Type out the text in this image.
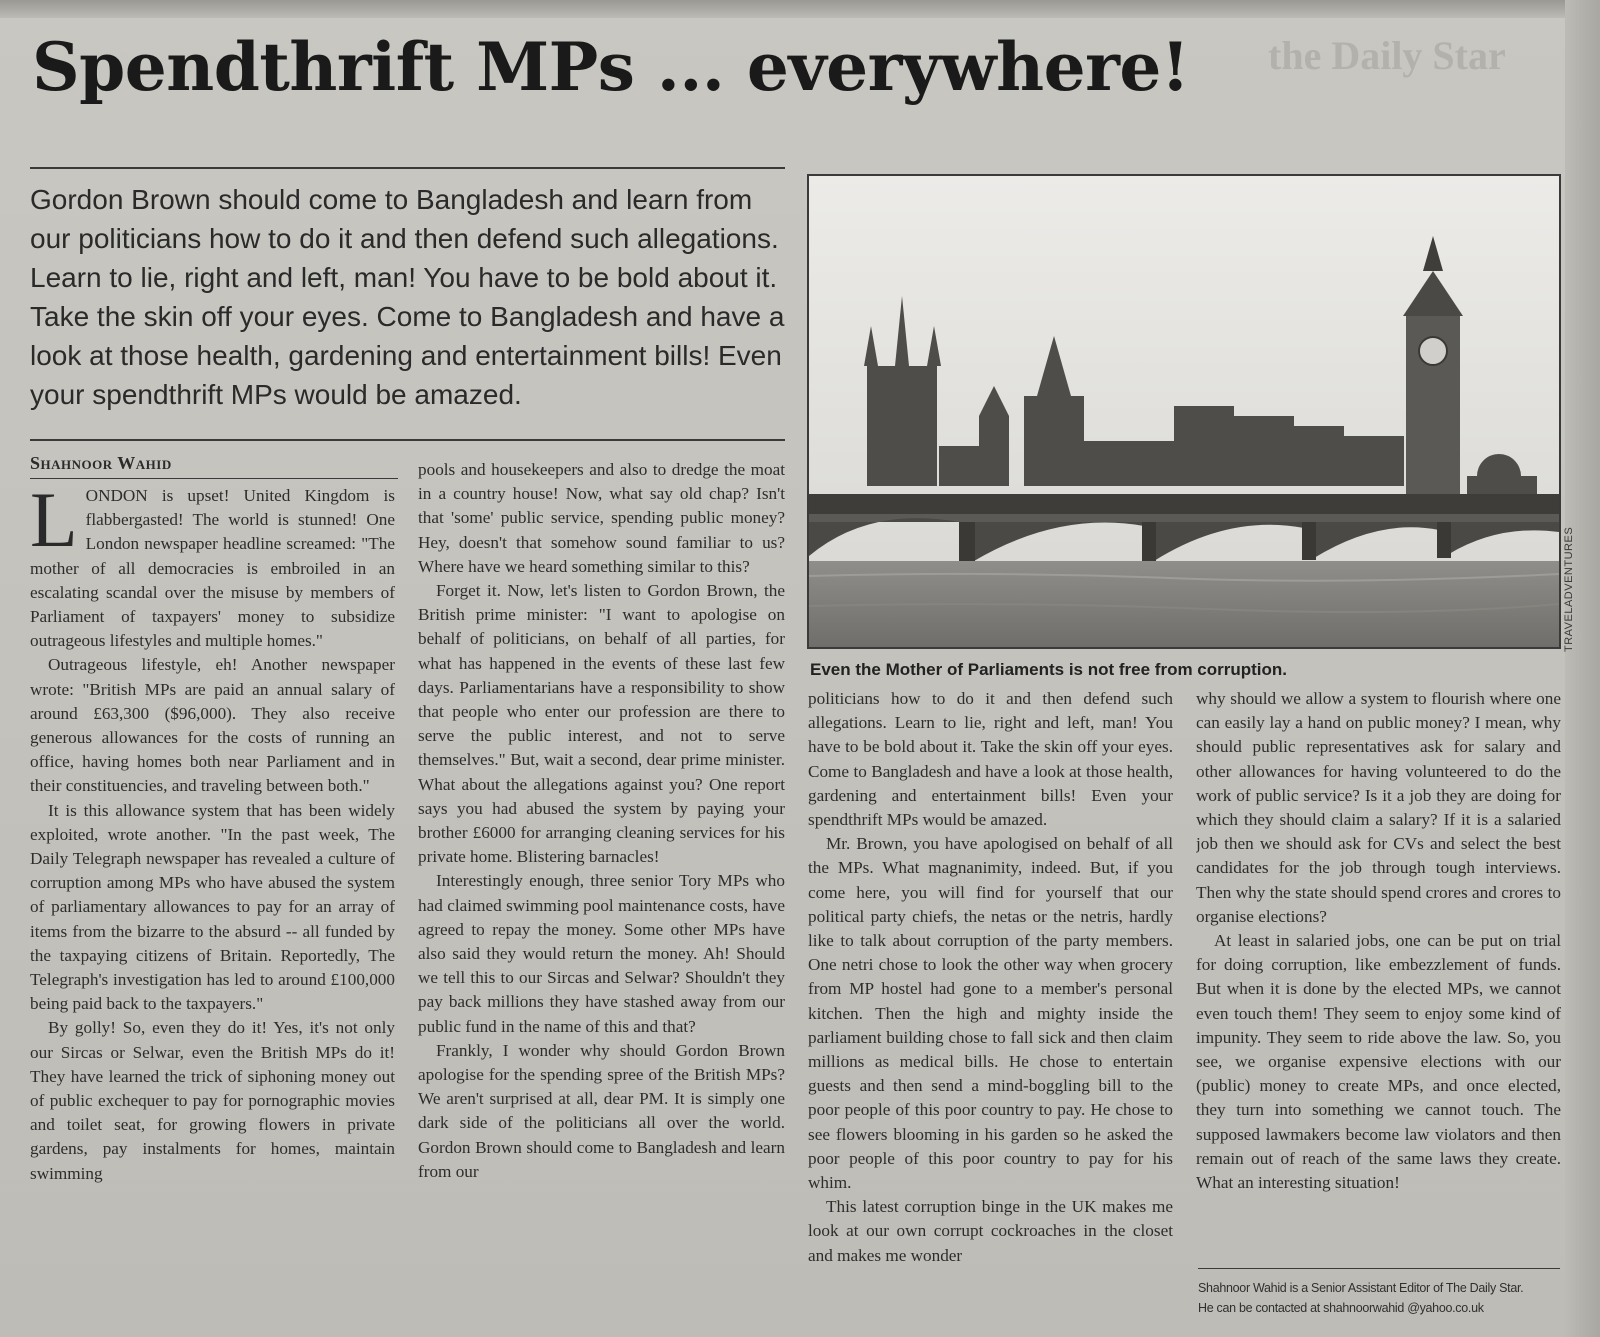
the Daily Star
Spendthrift MPs ... everywhere!

Gordon Brown should come to Bangladesh and learn from our politicians how to do it and then defend such allegations. Learn to lie, right and left, man! You have to be bold about it. Take the skin off your eyes. Come to Bangladesh and have a look at those health, gardening and entertainment bills! Even your spendthrift MPs would be amazed.

Shahnoor Wahid

LONDON is upset! United Kingdom is flabbergasted! The world is stunned! One London newspaper headline screamed: "The mother of all democracies is embroiled in an escalating scandal over the misuse by members of Parliament of taxpayers' money to subsidize outrageous lifestyles and multiple homes."

Outrageous lifestyle, eh! Another newspaper wrote: "British MPs are paid an annual salary of around £63,300 ($96,000). They also receive generous allowances for the costs of running an office, having homes both near Parliament and in their constituencies, and traveling between both."

It is this allowance system that has been widely exploited, wrote another. "In the past week, The Daily Telegraph newspaper has revealed a culture of corruption among MPs who have abused the system of parliamentary allowances to pay for an array of items from the bizarre to the absurd -- all funded by the taxpaying citizens of Britain. Reportedly, The Telegraph's investigation has led to around £100,000 being paid back to the taxpayers."

By golly! So, even they do it! Yes, it's not only our Sircas or Selwar, even the British MPs do it! They have learned the trick of siphoning money out of public exchequer to pay for pornographic movies and toilet seat, for growing flowers in private gardens, pay instalments for homes, maintain swimming

pools and housekeepers and also to dredge the moat in a country house! Now, what say old chap? Isn't that 'some' public service, spending public money? Hey, doesn't that somehow sound familiar to us? Where have we heard something similar to this?

Forget it. Now, let's listen to Gordon Brown, the British prime minister: "I want to apologise on behalf of politicians, on behalf of all parties, for what has happened in the events of these last few days. Parliamentarians have a responsibility to show that people who enter our profession are there to serve the public interest, and not to serve themselves." But, wait a second, dear prime minister. What about the allegations against you? One report says you had abused the system by paying your brother £6000 for arranging cleaning services for his private home. Blistering barnacles!

Interestingly enough, three senior Tory MPs who had claimed swimming pool maintenance costs, have agreed to repay the money. Some other MPs have also said they would return the money. Ah! Should we tell this to our Sircas and Selwar? Shouldn't they pay back millions they have stashed away from our public fund in the name of this and that?

Frankly, I wonder why should Gordon Brown apologise for the spending spree of the British MPs? We aren't surprised at all, dear PM. It is simply one dark side of the politicians all over the world. Gordon Brown should come to Bangladesh and learn from our

TRAVELADVENTURES
Even the Mother of Parliaments is not free from corruption.

politicians how to do it and then defend such allegations. Learn to lie, right and left, man! You have to be bold about it. Take the skin off your eyes. Come to Bangladesh and have a look at those health, gardening and entertainment bills! Even your spendthrift MPs would be amazed.

Mr. Brown, you have apologised on behalf of all the MPs. What magnanimity, indeed. But, if you come here, you will find for yourself that our political party chiefs, the netas or the netris, hardly like to talk about corruption of the party members. One netri chose to look the other way when grocery from MP hostel had gone to a member's personal kitchen. Then the high and mighty inside the parliament building chose to fall sick and then claim millions as medical bills. He chose to entertain guests and then send a mind-boggling bill to the poor people of this poor country to pay. He chose to see flowers blooming in his garden so he asked the poor people of this poor country to pay for his whim.

This latest corruption binge in the UK makes me look at our own corrupt cockroaches in the closet and makes me wonder

why should we allow a system to flourish where one can easily lay a hand on public money? I mean, why should public representatives ask for salary and other allowances for having volunteered to do the work of public service? Is it a job they are doing for which they should claim a salary? If it is a salaried job then we should ask for CVs and select the best candidates for the job through tough interviews. Then why the state should spend crores and crores to organise elections?

At least in salaried jobs, one can be put on trial for doing corruption, like embezzlement of funds. But when it is done by the elected MPs, we cannot even touch them! They seem to enjoy some kind of impunity. They seem to ride above the law. So, you see, we organise expensive elections with our (public) money to create MPs, and once elected, they turn into something we cannot touch. The supposed lawmakers become law violators and then remain out of reach of the same laws they create. What an interesting situation!

Shahnoor Wahid is a Senior Assistant Editor of The Daily Star.
He can be contacted at shahnoorwahid @yahoo.co.uk
